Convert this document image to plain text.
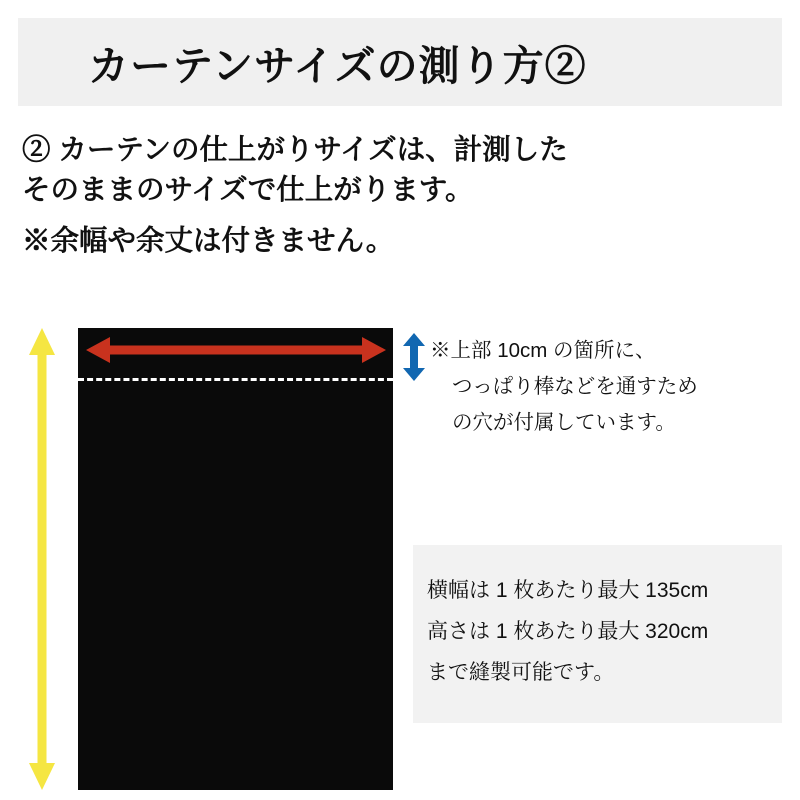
カーテンサイズの測り方②
② カーテンの仕上がりサイズは、計測した
そのままのサイズで仕上がります。
※余幅や余丈は付きません。
※上部 10cm の箇所に、
つっぱり棒などを通すため
の穴が付属しています。
横幅は 1 枚あたり最大 135cm
高さは 1 枚あたり最大 320cm
まで縫製可能です。
